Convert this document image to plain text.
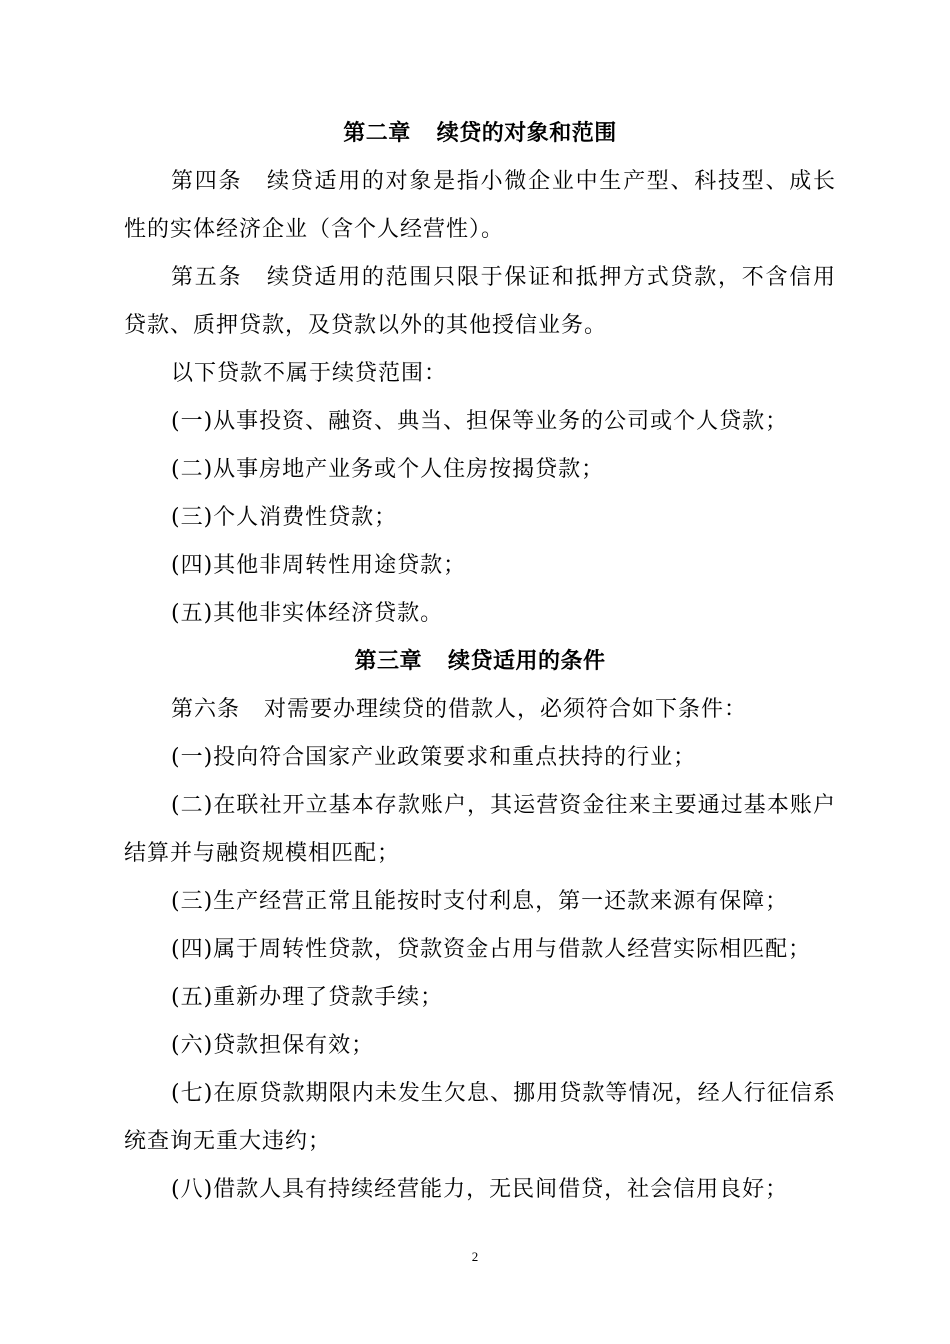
第二章 续贷的对象和范围

第四条 续贷适用的对象是指小微企业中生产型、科技型、成长性的实体经济企业（含个人经营性）。

第五条 续贷适用的范围只限于保证和抵押方式贷款，不含信用贷款、质押贷款，及贷款以外的其他授信业务。

以下贷款不属于续贷范围：

(一)从事投资、融资、典当、担保等业务的公司或个人贷款；

(二)从事房地产业务或个人住房按揭贷款；

(三)个人消费性贷款；

(四)其他非周转性用途贷款；

(五)其他非实体经济贷款。

第三章 续贷适用的条件

第六条 对需要办理续贷的借款人，必须符合如下条件：

(一)投向符合国家产业政策要求和重点扶持的行业；

(二)在联社开立基本存款账户，其运营资金往来主要通过基本账户结算并与融资规模相匹配；

(三)生产经营正常且能按时支付利息，第一还款来源有保障；

(四)属于周转性贷款，贷款资金占用与借款人经营实际相匹配；

(五)重新办理了贷款手续；

(六)贷款担保有效；

(七)在原贷款期限内未发生欠息、挪用贷款等情况，经人行征信系统查询无重大违约；

(八)借款人具有持续经营能力，无民间借贷，社会信用良好；

2
